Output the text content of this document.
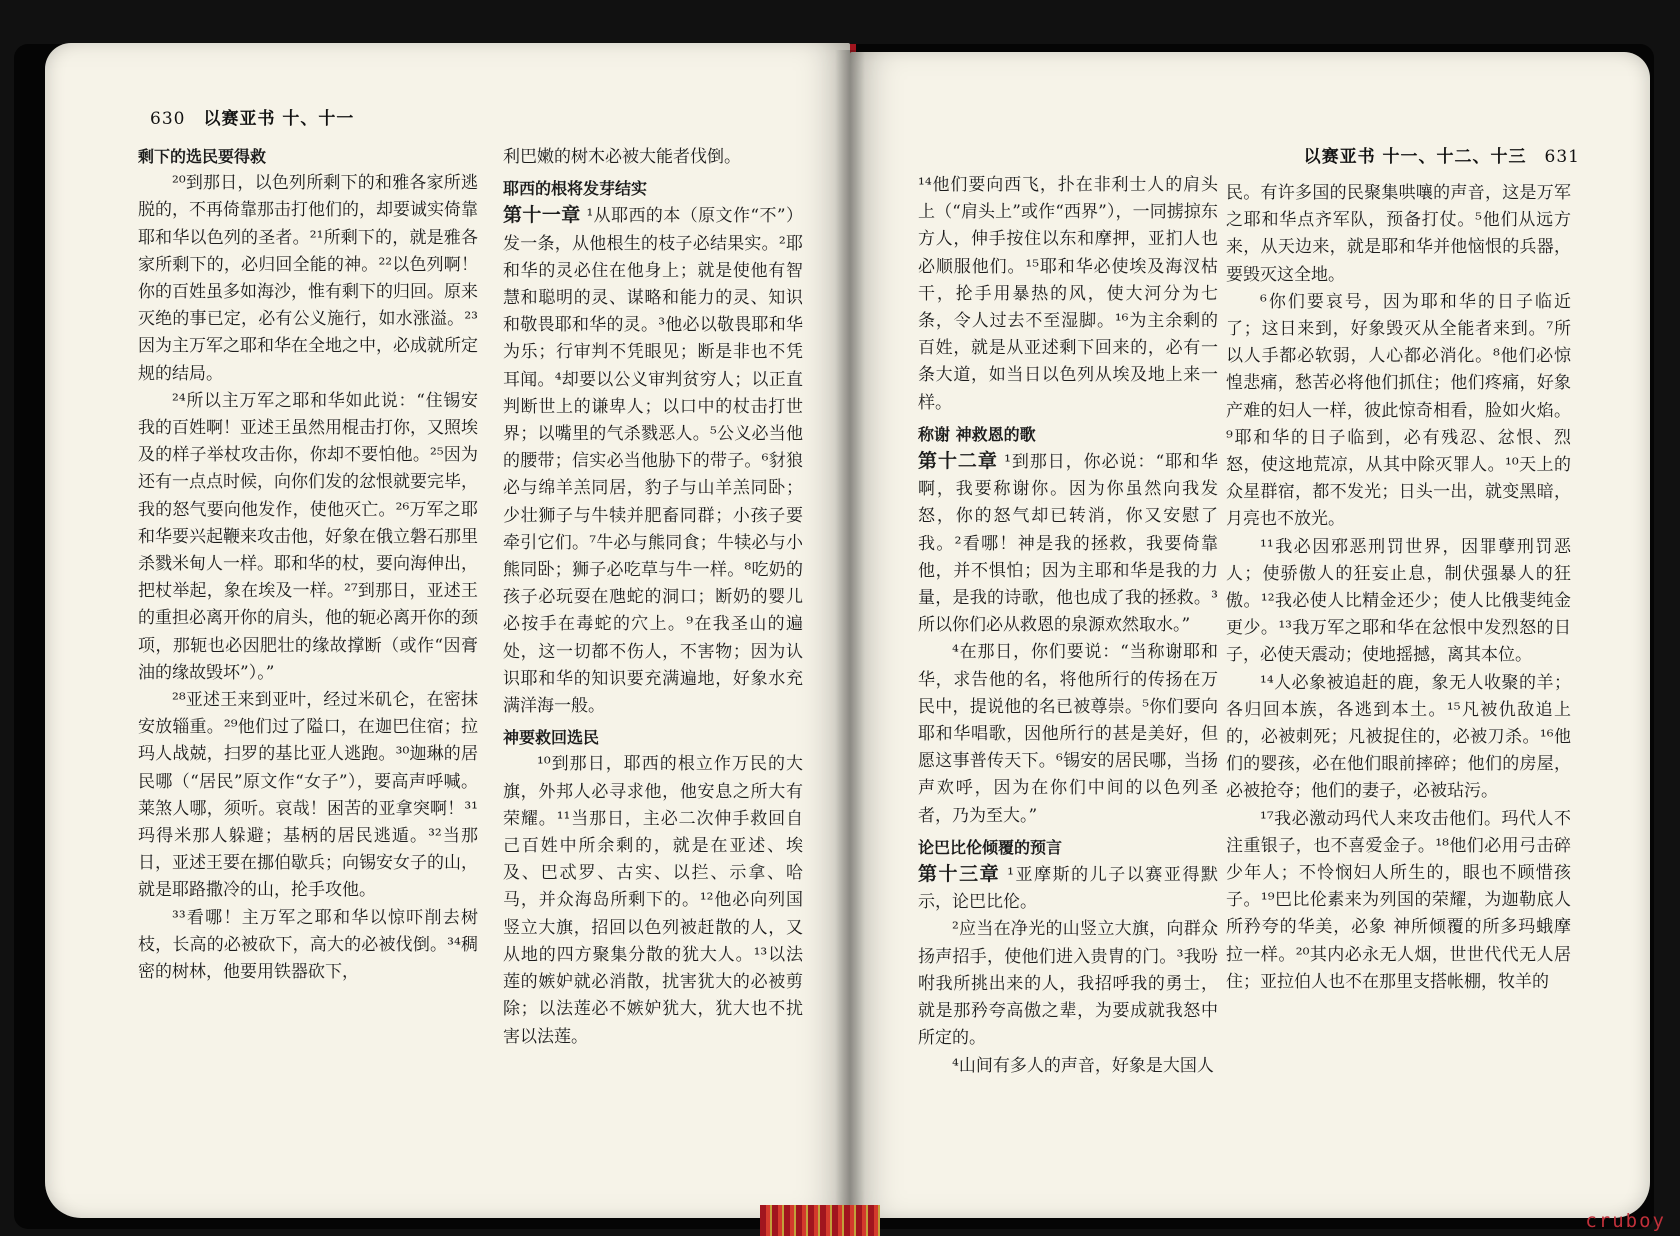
630 以赛亚书 十、十一

剩下的选民要得救

²⁰到那日，以色列所剩下的和雅各家所逃脱的，不再倚靠那击打他们的，却要诚实倚靠耶和华以色列的圣者。²¹所剩下的，就是雅各家所剩下的，必归回全能的神。²²以色列啊！你的百姓虽多如海沙，惟有剩下的归回。原来灭绝的事已定，必有公义施行，如水涨溢。²³因为主万军之耶和华在全地之中，必成就所定规的结局。

²⁴所以主万军之耶和华如此说：“住锡安我的百姓啊！亚述王虽然用棍击打你，又照埃及的样子举杖攻击你，你却不要怕他。²⁵因为还有一点点时候，向你们发的忿恨就要完毕，我的怒气要向他发作，使他灭亡。²⁶万军之耶和华要兴起鞭来攻击他，好象在俄立磐石那里杀戮米甸人一样。耶和华的杖，要向海伸出，把杖举起，象在埃及一样。²⁷到那日，亚述王的重担必离开你的肩头，他的轭必离开你的颈项，那轭也必因肥壮的缘故撑断（或作“因膏油的缘故毁坏”）。”

²⁸亚述王来到亚叶，经过米矶仑，在密抹安放辎重。²⁹他们过了隘口，在迦巴住宿；拉玛人战兢，扫罗的基比亚人逃跑。³⁰迦琳的居民哪（“居民”原文作“女子”），要高声呼喊。莱煞人哪，须听。哀哉！困苦的亚拿突啊！³¹玛得米那人躲避；基柄的居民逃遁。³²当那日，亚述王要在挪伯歇兵；向锡安女子的山，就是耶路撒冷的山，抡手攻他。

³³看哪！主万军之耶和华以惊吓削去树枝，长高的必被砍下，高大的必被伐倒。³⁴稠密的树林，他要用铁器砍下，

利巴嫩的树木必被大能者伐倒。

耶西的根将发芽结实

第十一章 ¹从耶西的本（原文作“不”）发一条，从他根生的枝子必结果实。²耶和华的灵必住在他身上；就是使他有智慧和聪明的灵、谋略和能力的灵、知识和敬畏耶和华的灵。³他必以敬畏耶和华为乐；行审判不凭眼见；断是非也不凭耳闻。⁴却要以公义审判贫穷人；以正直判断世上的谦卑人；以口中的杖击打世界；以嘴里的气杀戮恶人。⁵公义必当他的腰带；信实必当他胁下的带子。⁶豺狼必与绵羊羔同居，豹子与山羊羔同卧；少壮狮子与牛犊并肥畜同群；小孩子要牵引它们。⁷牛必与熊同食；牛犊必与小熊同卧；狮子必吃草与牛一样。⁸吃奶的孩子必玩耍在虺蛇的洞口；断奶的婴儿必按手在毒蛇的穴上。⁹在我圣山的遍处，这一切都不伤人，不害物；因为认识耶和华的知识要充满遍地，好象水充满洋海一般。

神要救回选民

¹⁰到那日，耶西的根立作万民的大旗，外邦人必寻求他，他安息之所大有荣耀。¹¹当那日，主必二次伸手救回自己百姓中所余剩的，就是在亚述、埃及、巴忒罗、古实、以拦、示拿、哈马，并众海岛所剩下的。¹²他必向列国竖立大旗，招回以色列被赶散的人，又从地的四方聚集分散的犹大人。¹³以法莲的嫉妒就必消散，扰害犹大的必被剪除；以法莲必不嫉妒犹大，犹大也不扰害以法莲。

以赛亚书 十一、十二、十三 631

¹⁴他们要向西飞，扑在非利士人的肩头上（“肩头上”或作“西界”），一同掳掠东方人，伸手按住以东和摩押，亚扪人也必顺服他们。¹⁵耶和华必使埃及海汊枯干，抡手用暴热的风，使大河分为七条，令人过去不至湿脚。¹⁶为主余剩的百姓，就是从亚述剩下回来的，必有一条大道，如当日以色列从埃及地上来一样。

称谢 神救恩的歌

第十二章 ¹到那日，你必说：“耶和华啊，我要称谢你。因为你虽然向我发怒，你的怒气却已转消，你又安慰了我。²看哪！神是我的拯救，我要倚靠他，并不惧怕；因为主耶和华是我的力量，是我的诗歌，他也成了我的拯救。³所以你们必从救恩的泉源欢然取水。”

⁴在那日，你们要说：“当称谢耶和华，求告他的名，将他所行的传扬在万民中，提说他的名已被尊崇。⁵你们要向耶和华唱歌，因他所行的甚是美好，但愿这事普传天下。⁶锡安的居民哪，当扬声欢呼，因为在你们中间的以色列圣者，乃为至大。”

论巴比伦倾覆的预言

第十三章 ¹亚摩斯的儿子以赛亚得默示，论巴比伦。

²应当在净光的山竖立大旗，向群众扬声招手，使他们进入贵胄的门。³我吩咐我所挑出来的人，我招呼我的勇士，就是那矜夸高傲之辈，为要成就我怒中所定的。

⁴山间有多人的声音，好象是大国人

民。有许多国的民聚集哄嚷的声音，这是万军之耶和华点齐军队，预备打仗。⁵他们从远方来，从天边来，就是耶和华并他恼恨的兵器，要毁灭这全地。

⁶你们要哀号，因为耶和华的日子临近了；这日来到，好象毁灭从全能者来到。⁷所以人手都必软弱，人心都必消化。⁸他们必惊惶悲痛，愁苦必将他们抓住；他们疼痛，好象产难的妇人一样，彼此惊奇相看，脸如火焰。⁹耶和华的日子临到，必有残忍、忿恨、烈怒，使这地荒凉，从其中除灭罪人。¹⁰天上的众星群宿，都不发光；日头一出，就变黑暗，月亮也不放光。

¹¹我必因邪恶刑罚世界，因罪孽刑罚恶人；使骄傲人的狂妄止息，制伏强暴人的狂傲。¹²我必使人比精金还少；使人比俄斐纯金更少。¹³我万军之耶和华在忿恨中发烈怒的日子，必使天震动；使地摇撼，离其本位。

¹⁴人必象被追赶的鹿，象无人收聚的羊；各归回本族，各逃到本土。¹⁵凡被仇敌追上的，必被刺死；凡被捉住的，必被刀杀。¹⁶他们的婴孩，必在他们眼前摔碎；他们的房屋，必被抢夺；他们的妻子，必被玷污。

¹⁷我必激动玛代人来攻击他们。玛代人不注重银子，也不喜爱金子。¹⁸他们必用弓击碎少年人；不怜悯妇人所生的，眼也不顾惜孩子。¹⁹巴比伦素来为列国的荣耀，为迦勒底人所矜夸的华美，必象 神所倾覆的所多玛蛾摩拉一样。²⁰其内必永无人烟，世世代代无人居住；亚拉伯人也不在那里支搭帐棚，牧羊的

cruboy
